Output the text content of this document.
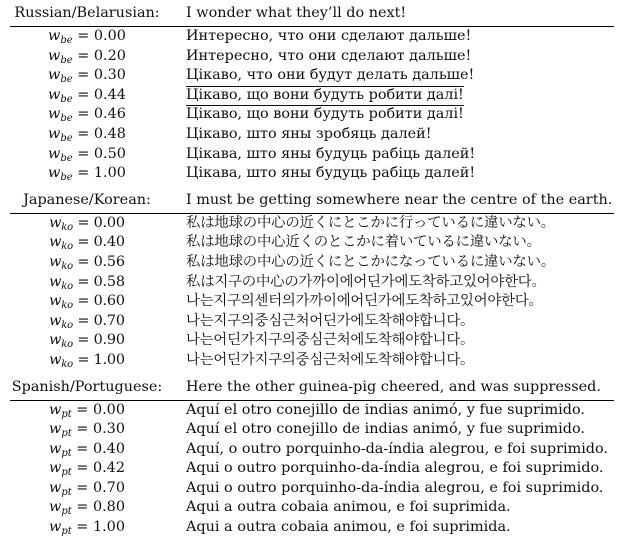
Russian/Belarusian:	I wonder what they’ll do next!
$w_{be} = 0.00$	Интересно, что они сделают дальше!
$w_{be} = 0.20$	Интересно, что они сделают дальше!
$w_{be} = 0.30$	Цікаво, что они будут делать дальше!
$w_{be} = 0.44$	Цікаво, що вони будуть робити далі!
$w_{be} = 0.46$	Цікаво, що вони будуть робити далі!
$w_{be} = 0.48$	Цікаво, што яны зробяць далей!
$w_{be} = 0.50$	Цікава, што яны будуць рабіць далей!
$w_{be} = 1.00$	Цікава, што яны будуць рабіць далей!
Japanese/Korean:	I must be getting somewhere near the centre of the earth.
$w_{ko} = 0.00$	私は地球の中心の近くにとこかに行っているに違いない。
$w_{ko} = 0.40$	私は地球の中心近くのとこかに着いているに違いない。
$w_{ko} = 0.56$	私は地球の中心の近くにとこかになっているに違いない。
$w_{ko} = 0.58$	私は지구の中心の가까이에어딘가에도착하고있어야한다。
$w_{ko} = 0.60$	나는지구의센터의가까이에어딘가에도착하고있어야한다。
$w_{ko} = 0.70$	나는지구의중심근처어딘가에도착해야합니다。
$w_{ko} = 0.90$	나는어딘가지구의중심근처에도착해야합니다。
$w_{ko} = 1.00$	나는어딘가지구의중심근처에도착해야합니다。
Spanish/Portuguese:	Here the other guinea-pig cheered, and was suppressed.
$w_{pt} = 0.00$	Aquí el otro conejillo de indias animó, y fue suprimido.
$w_{pt} = 0.30$	Aquí el otro conejillo de indias animó, y fue suprimido.
$w_{pt} = 0.40$	Aquí, o outro porquinho-da-índia alegrou, e foi suprimido.
$w_{pt} = 0.42$	Aqui o outro porquinho-da-índia alegrou, e foi suprimido.
$w_{pt} = 0.70$	Aqui o outro porquinho-da-índia alegrou, e foi suprimido.
$w_{pt} = 0.80$	Aqui a outra cobaia animou, e foi suprimida.
$w_{pt} = 1.00$	Aqui a outra cobaia animou, e foi suprimida.
